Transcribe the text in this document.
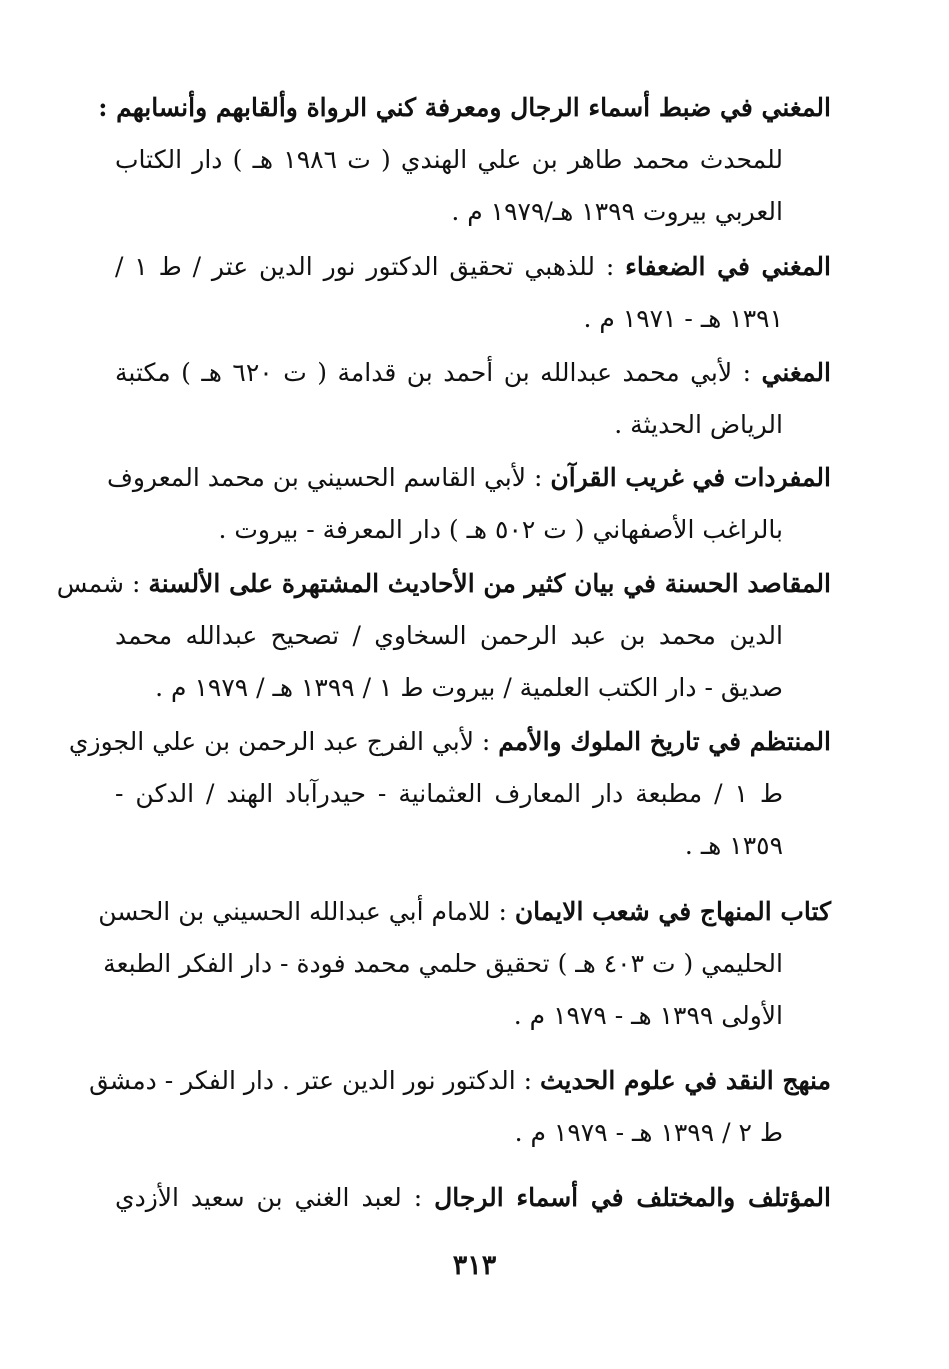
المغني في ضبط أسماء الرجال ومعرفة كني الرواة وألقابهم وأنسابهم :
للمحدث محمد طاهر بن علي الهندي ( ت ١٩٨٦ هـ ) دار الكتاب
العربي بيروت ١٣٩٩ هـ/١٩٧٩ م .
المغني في الضعفاء : للذهبي تحقيق الدكتور نور الدين عتر / ط ١ /
١٣٩١ هـ - ١٩٧١ م .
المغني : لأبي محمد عبدالله بن أحمد بن قدامة ( ت ٦٢٠ هـ ) مكتبة
الرياض الحديثة .
المفردات في غريب القرآن : لأبي القاسم الحسيني بن محمد المعروف
بالراغب الأصفهاني ( ت ٥٠٢ هـ ) دار المعرفة - بيروت .
المقاصد الحسنة في بيان كثير من الأحاديث المشتهرة على الألسنة : شمس
الدين محمد بن عبد الرحمن السخاوي / تصحيح عبدالله محمد
صديق - دار الكتب العلمية / بيروت ط ١ / ١٣٩٩ هـ / ١٩٧٩ م .
المنتظم في تاريخ الملوك والأمم : لأبي الفرج عبد الرحمن بن علي الجوزي
ط ١ / مطبعة دار المعارف العثمانية - حيدرآباد الهند / الدكن -
١٣٥٩ هـ .
كتاب المنهاج في شعب الايمان : للامام أبي عبدالله الحسيني بن الحسن
الحليمي ( ت ٤٠٣ هـ ) تحقيق حلمي محمد فودة - دار الفكر الطبعة
الأولى ١٣٩٩ هـ - ١٩٧٩ م .
منهج النقد في علوم الحديث : الدكتور نور الدين عتر . دار الفكر - دمشق
ط ٢ / ١٣٩٩ هـ - ١٩٧٩ م .
المؤتلف والمختلف في أسماء الرجال : لعبد الغني بن سعيد الأزدي
٣١٣
